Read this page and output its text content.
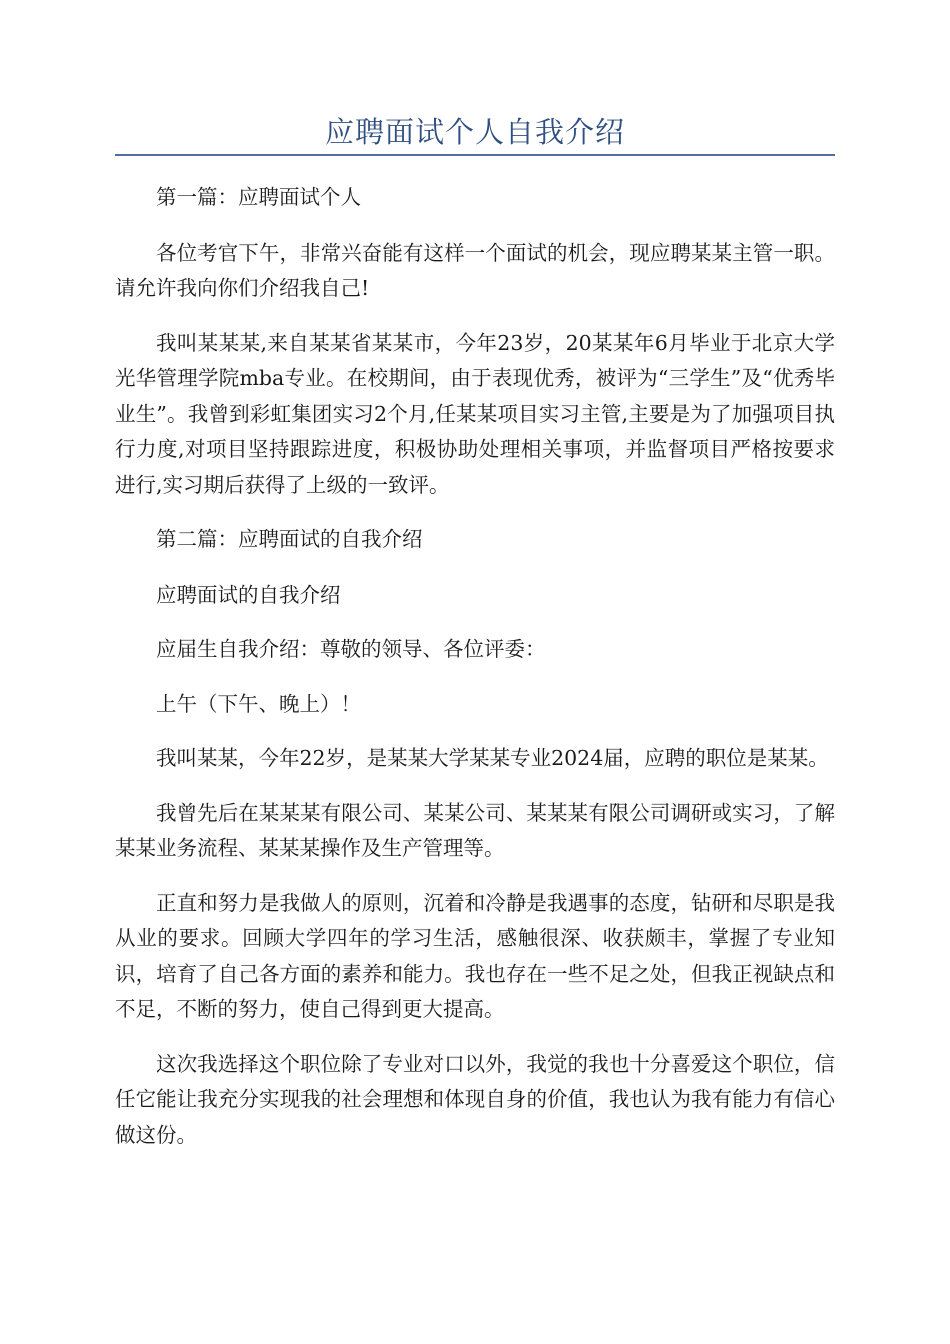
应聘面试个人自我介绍

第一篇：应聘面试个人

各位考官下午，非常兴奋能有这样一个面试的机会，现应聘某某主管一职。请允许我向你们介绍我自己!

我叫某某某,来自某某省某某市，今年23岁，20某某年6月毕业于北京大学光华管理学院mba专业。在校期间，由于表现优秀，被评为“三学生”及“优秀毕业生”。我曾到彩虹集团实习2个月,任某某项目实习主管,主要是为了加强项目执行力度,对项目坚持跟踪进度，积极协助处理相关事项，并监督项目严格按要求进行,实习期后获得了上级的一致评。

第二篇：应聘面试的自我介绍

应聘面试的自我介绍

应届生自我介绍：尊敬的领导、各位评委：

上午（下午、晚上）！

我叫某某，今年22岁，是某某大学某某专业2024届，应聘的职位是某某。

我曾先后在某某某有限公司、某某公司、某某某有限公司调研或实习，了解某某业务流程、某某某操作及生产管理等。

正直和努力是我做人的原则，沉着和冷静是我遇事的态度，钻研和尽职是我从业的要求。回顾大学四年的学习生活，感触很深、收获颇丰，掌握了专业知识，培育了自己各方面的素养和能力。我也存在一些不足之处，但我正视缺点和不足，不断的努力，使自己得到更大提高。

这次我选择这个职位除了专业对口以外，我觉的我也十分喜爱这个职位，信任它能让我充分实现我的社会理想和体现自身的价值，我也认为我有能力有信心做这份。
